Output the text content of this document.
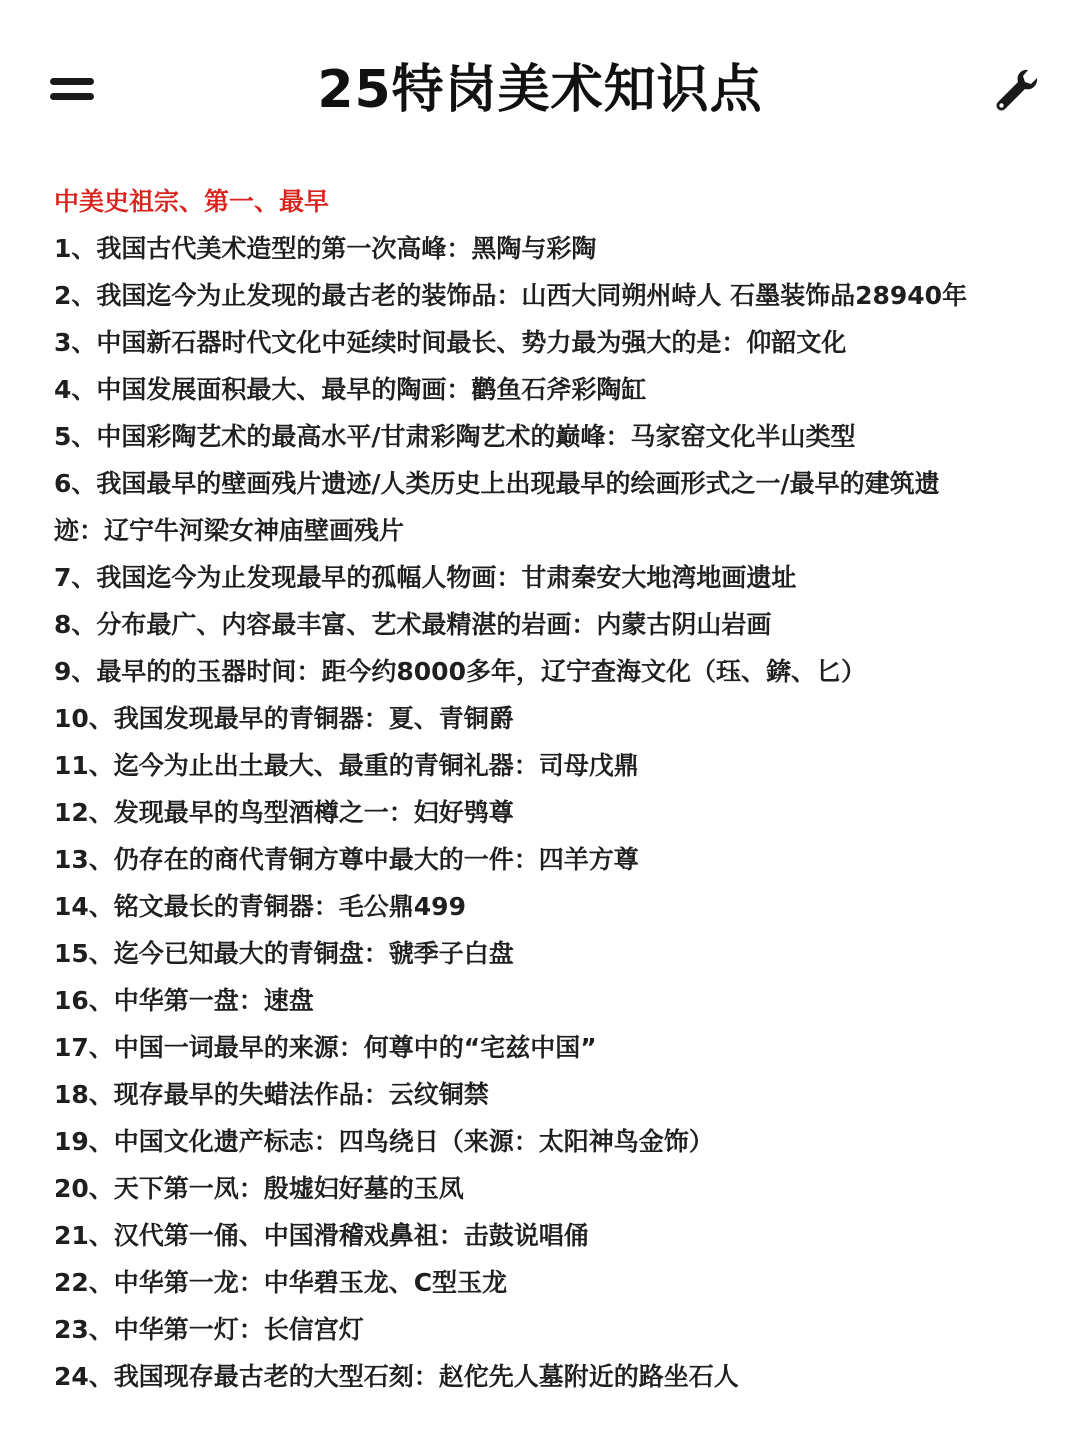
25特岗美术知识点
中美史祖宗、第一、最早
1、我国古代美术造型的第一次高峰：黑陶与彩陶
2、我国迄今为止发现的最古老的装饰品：山西大同朔州峙人 石墨装饰品28940年
3、中国新石器时代文化中延续时间最长、势力最为强大的是：仰韶文化
4、中国发展面积最大、最早的陶画：鹳鱼石斧彩陶缸
5、中国彩陶艺术的最高水平/甘肃彩陶艺术的巅峰：马家窑文化半山类型
6、我国最早的壁画残片遗迹/人类历史上出现最早的绘画形式之一/最早的建筑遗迹：辽宁牛河梁女神庙壁画残片
7、我国迄今为止发现最早的孤幅人物画：甘肃秦安大地湾地画遗址
8、分布最广、内容最丰富、艺术最精湛的岩画：内蒙古阴山岩画
9、最早的的玉器时间：距今约8000多年，辽宁查海文化（珏、錛、匕）
10、我国发现最早的青铜器：夏、青铜爵
11、迄今为止出土最大、最重的青铜礼器：司母戊鼎
12、发现最早的鸟型酒樽之一：妇好鸮尊
13、仍存在的商代青铜方尊中最大的一件：四羊方尊
14、铭文最长的青铜器：毛公鼎499
15、迄今已知最大的青铜盘：虢季子白盘
16、中华第一盘：速盘
17、中国一词最早的来源：何尊中的“宅兹中国”
18、现存最早的失蜡法作品：云纹铜禁
19、中国文化遗产标志：四鸟绕日（来源：太阳神鸟金饰）
20、天下第一凤：殷墟妇好墓的玉凤
21、汉代第一俑、中国滑稽戏鼻祖：击鼓说唱俑
22、中华第一龙：中华碧玉龙、C型玉龙
23、中华第一灯：长信宫灯
24、我国现存最古老的大型石刻：赵佗先人墓附近的路坐石人
